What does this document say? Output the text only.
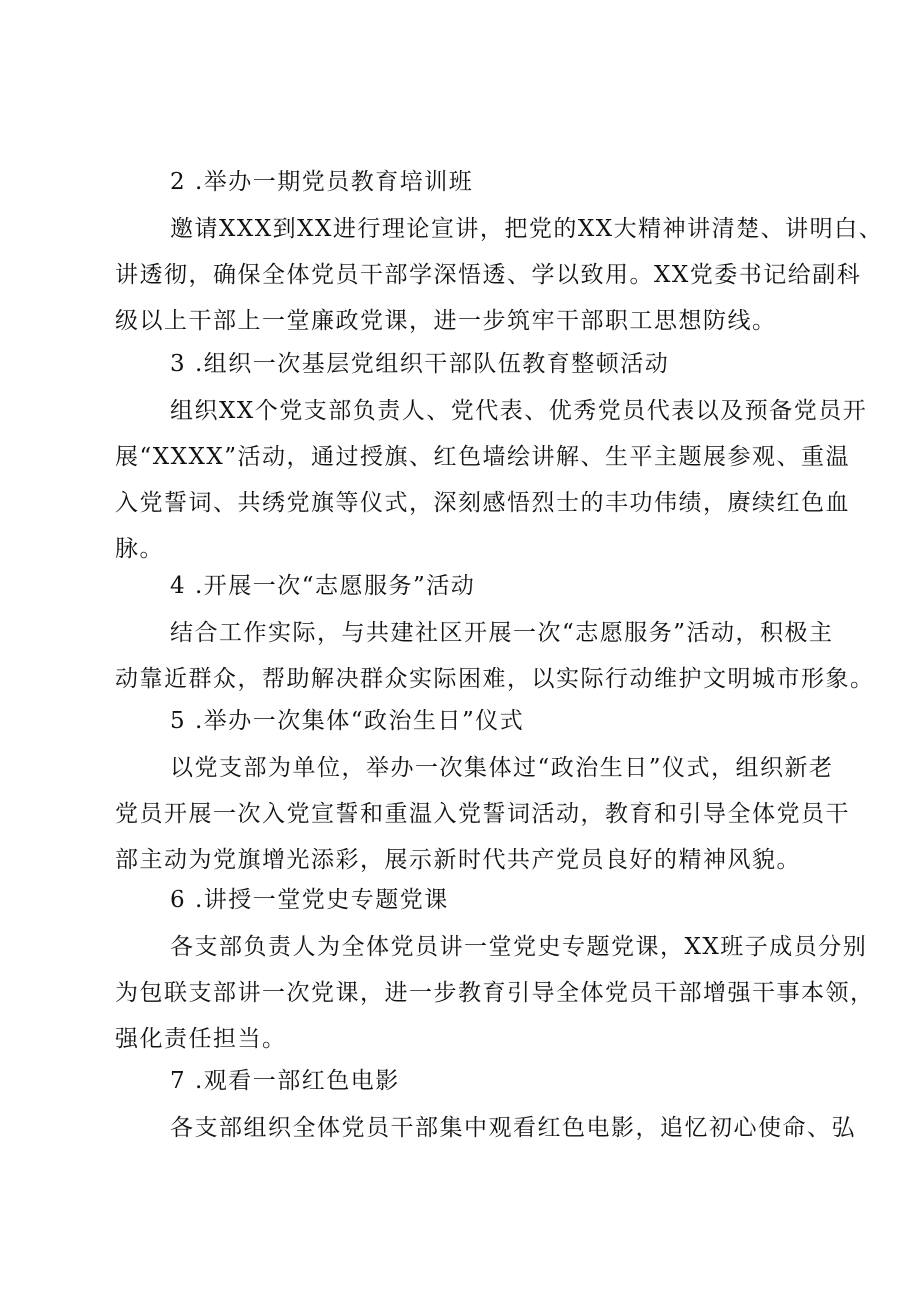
2 .举办一期党员教育培训班

邀请XXX到XX进行理论宣讲，把党的XX大精神讲清楚、讲明白、
讲透彻，确保全体党员干部学深悟透、学以致用。XX党委书记给副科
级以上干部上一堂廉政党课，进一步筑牢干部职工思想防线。

3 .组织一次基层党组织干部队伍教育整顿活动

组织XX个党支部负责人、党代表、优秀党员代表以及预备党员开
展“XXXX”活动，通过授旗、红色墙绘讲解、生平主题展参观、重温
入党誓词、共绣党旗等仪式，深刻感悟烈士的丰功伟绩，赓续红色血
脉。

4 .开展一次“志愿服务”活动

结合工作实际，与共建社区开展一次“志愿服务”活动，积极主
动靠近群众，帮助解决群众实际困难，以实际行动维护文明城市形象。

5 .举办一次集体“政治生日”仪式

以党支部为单位，举办一次集体过“政治生日”仪式，组织新老
党员开展一次入党宣誓和重温入党誓词活动，教育和引导全体党员干
部主动为党旗增光添彩，展示新时代共产党员良好的精神风貌。

6 .讲授一堂党史专题党课

各支部负责人为全体党员讲一堂党史专题党课，XX班子成员分别
为包联支部讲一次党课，进一步教育引导全体党员干部增强干事本领，
强化责任担当。

7 .观看一部红色电影

各支部组织全体党员干部集中观看红色电影，追忆初心使命、弘
